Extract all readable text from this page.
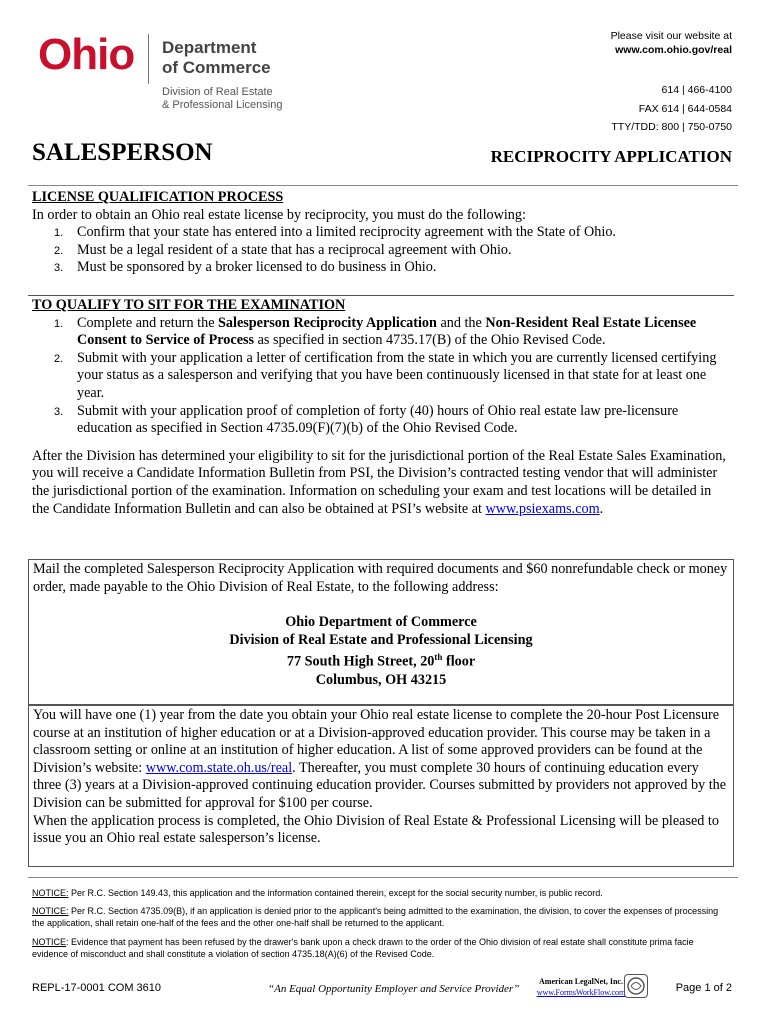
Ohio Department
of Commerce
Division of Real Estate
& Professional Licensing
Please visit our website at
www.com.ohio.gov/real
614 | 466-4100
FAX 614 | 644-0584
TTY/TDD: 800 | 750-0750
SALESPERSON	RECIPROCITY APPLICATION

LICENSE QUALIFICATION PROCESS

In order to obtain an Ohio real estate license by reciprocity, you must do the following:

1. Confirm that your state has entered into a limited reciprocity agreement with the State of Ohio.
2. Must be a legal resident of a state that has a reciprocal agreement with Ohio.
3. Must be sponsored by a broker licensed to do business in Ohio.

TO QUALIFY TO SIT FOR THE EXAMINATION

1. Complete and return the Salesperson Reciprocity Application and the Non-Resident Real Estate Licensee Consent to Service of Process as specified in section 4735.17(B) of the Ohio Revised Code.
2. Submit with your application a letter of certification from the state in which you are currently licensed certifying your status as a salesperson and verifying that you have been continuously licensed in that state for at least one year.
3. Submit with your application proof of completion of forty (40) hours of Ohio real estate law pre-licensure education as specified in Section 4735.09(F)(7)(b) of the Ohio Revised Code.

After the Division has determined your eligibility to sit for the jurisdictional portion of the Real Estate Sales Examination, you will receive a Candidate Information Bulletin from PSI, the Division’s contracted testing vendor that will administer the jurisdictional portion of the examination. Information on scheduling your exam and test locations will be detailed in the Candidate Information Bulletin and can also be obtained at PSI’s website at www.psiexams.com.

Mail the completed Salesperson Reciprocity Application with required documents and $60 nonrefundable check or money order, made payable to the Ohio Division of Real Estate, to the following address:

Ohio Department of Commerce
Division of Real Estate and Professional Licensing
77 South High Street, 20th floor
Columbus, OH 43215

You will have one (1) year from the date you obtain your Ohio real estate license to complete the 20-hour Post Licensure course at an institution of higher education or at a Division-approved education provider. This course may be taken in a classroom setting or online at an institution of higher education. A list of some approved providers can be found at the Division’s website: www.com.state.oh.us/real. Thereafter, you must complete 30 hours of continuing education every three (3) years at a Division-approved continuing education provider. Courses submitted by providers not approved by the Division can be submitted for approval for $100 per course.

When the application process is completed, the Ohio Division of Real Estate & Professional Licensing will be pleased to issue you an Ohio real estate salesperson’s license.

NOTICE: Per R.C. Section 149.43, this application and the information contained therein, except for the social security number, is public record.
NOTICE: Per R.C. Section 4735.09(B), if an application is denied prior to the applicant's being admitted to the examination, the division, to cover the expenses of processing the application, shall retain one-half of the fees and the other one-half shall be returned to the applicant.
NOTICE: Evidence that payment has been refused by the drawer's bank upon a check drawn to the order of the Ohio division of real estate shall constitute prima facie evidence of misconduct and shall constitute a violation of section 4735.18(A)(6) of the Revised Code.
REPL-17-0001 COM 3610	“An Equal Opportunity Employer and Service Provider”
American LegalNet, Inc.
www.FormsWorkFlow.com	Page 1 of 2
